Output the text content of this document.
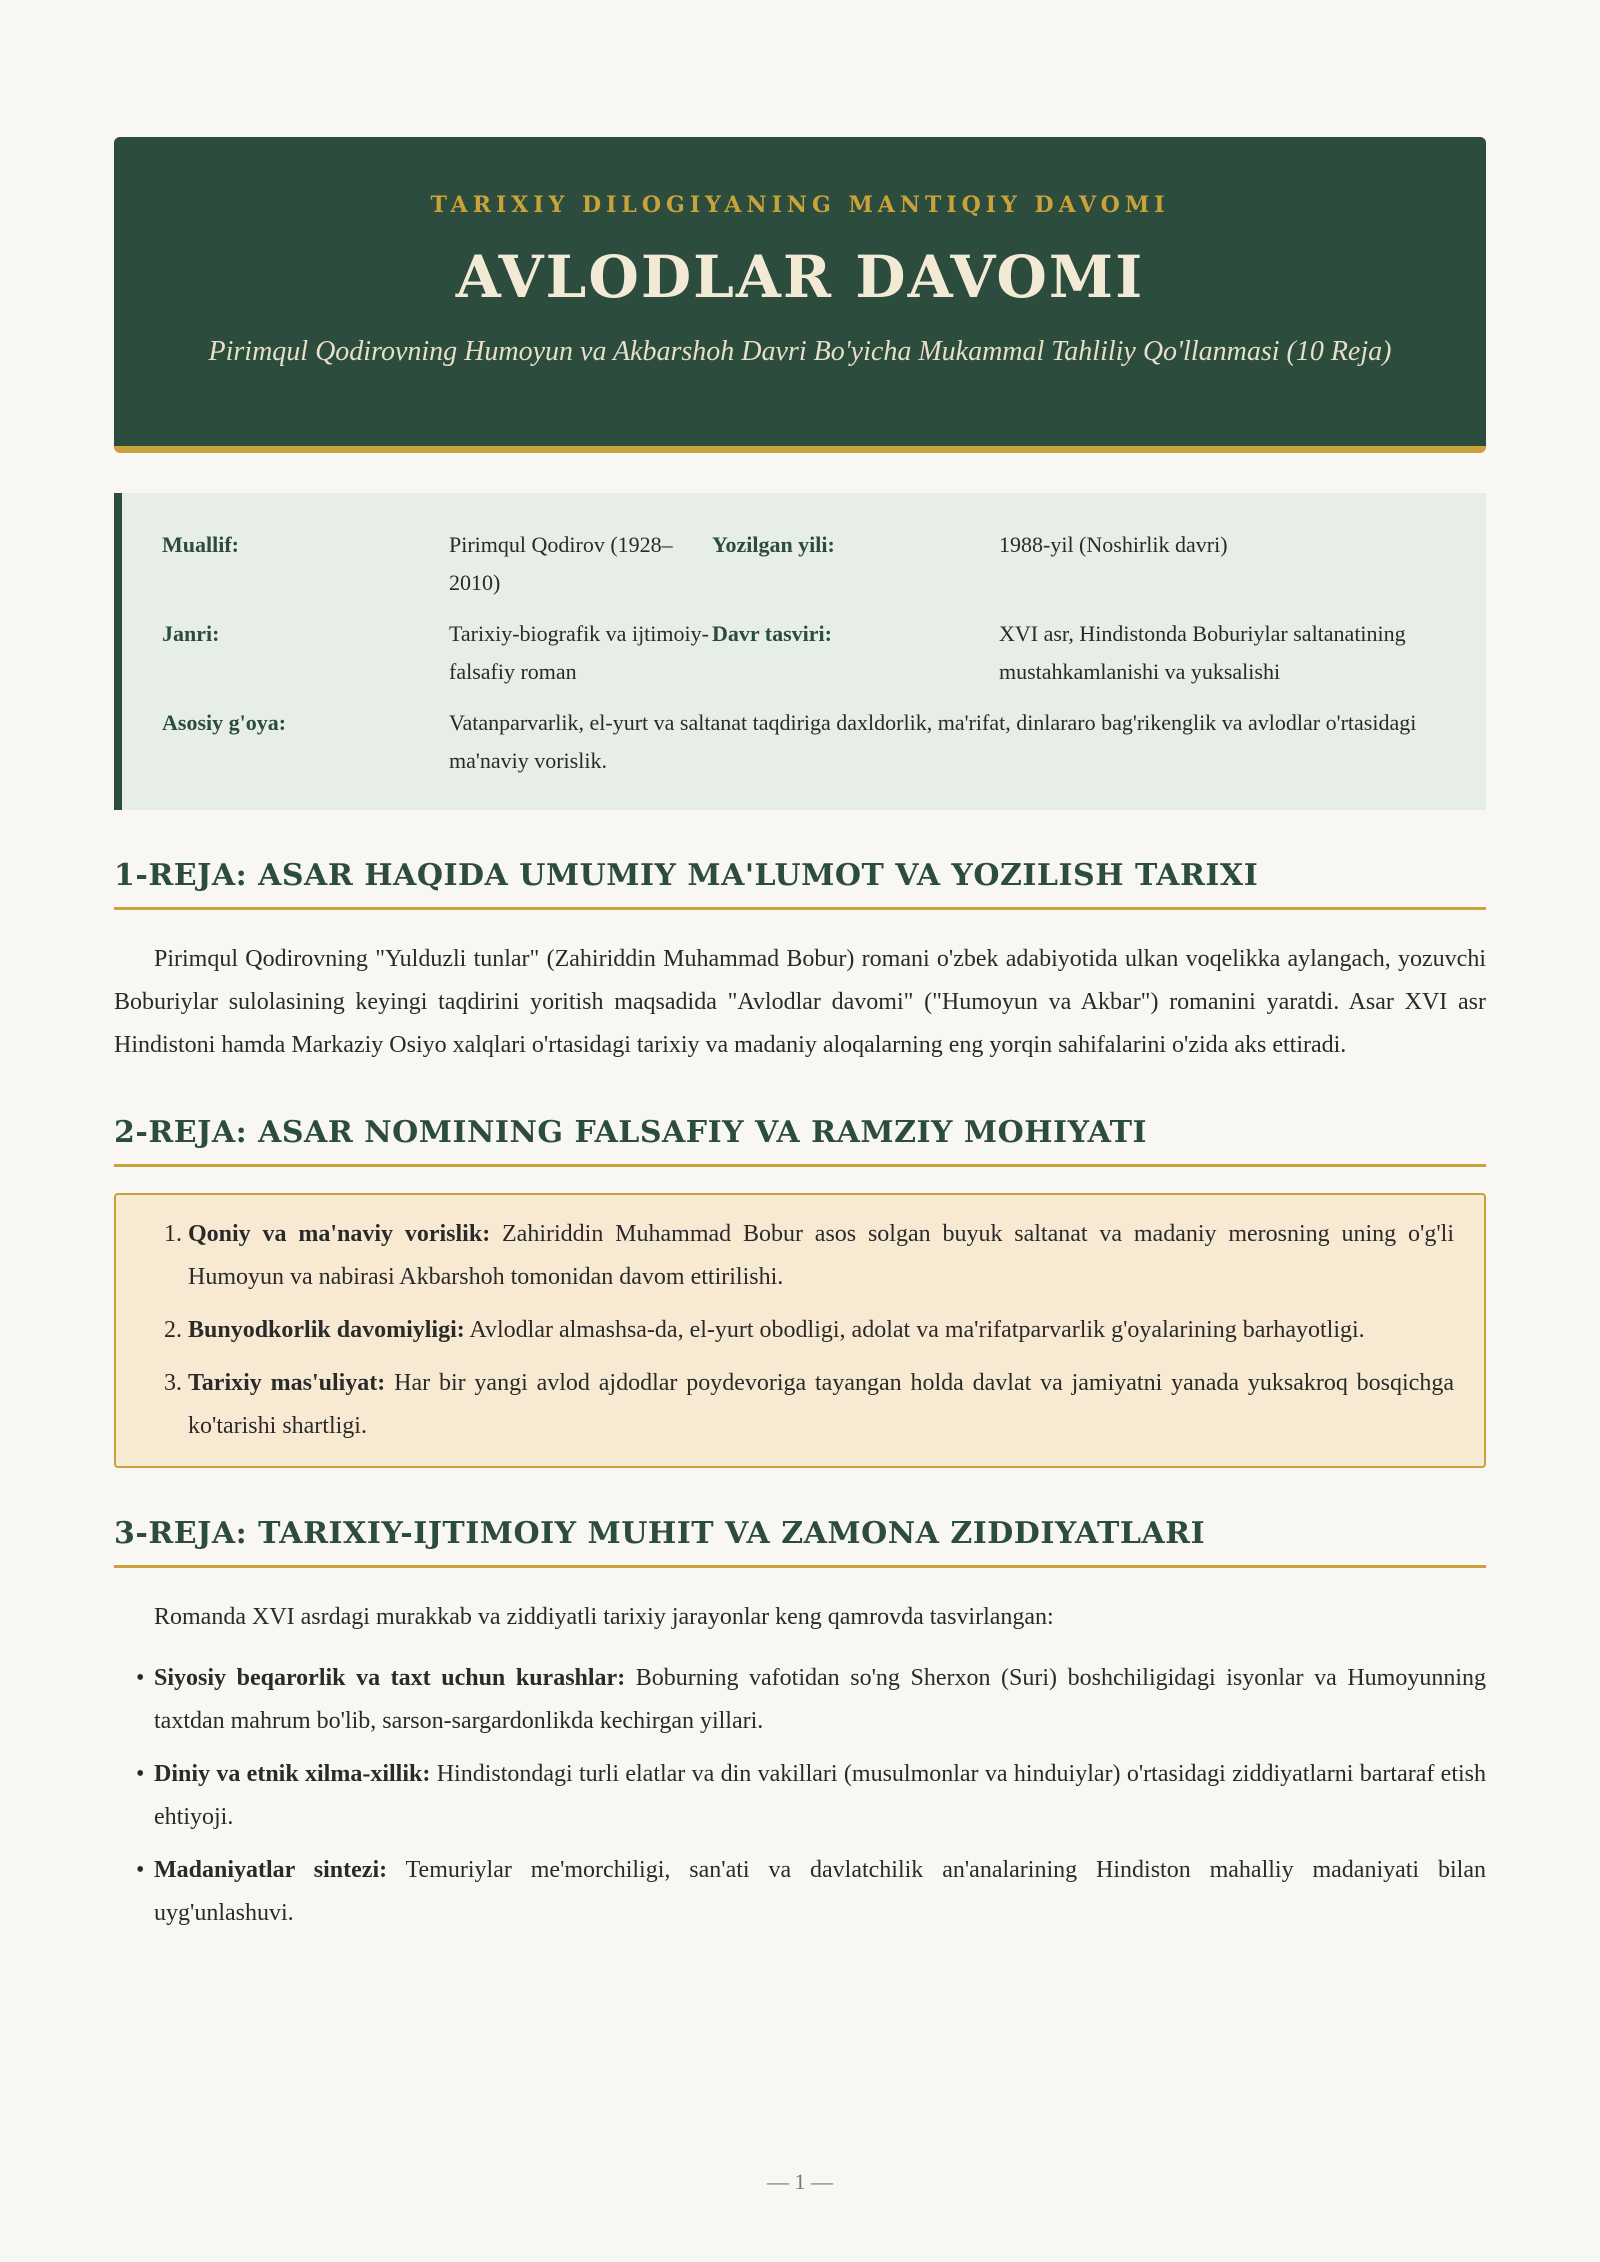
TARIXIY DILOGIYANING MANTIQIY DAVOMI
AVLODLAR DAVOMI
Pirimqul Qodirovning Humoyun va Akbarshoh Davri Bo'yicha Mukammal Tahliliy Qo'llanmasi (10 Reja)
Muallif:	Pirimqul Qodirov (1928–2010)
Yozilgan yili:	1988-yil (Noshirlik davri)
Janri:	Tarixiy-biografik va ijtimoiy-falsafiy roman
Davr tasviri:	XVI asr, Hindistonda Boburiylar saltanatining mustahkamlanishi va yuksalishi
Asosiy g'oya:	Vatanparvarlik, el-yurt va saltanat taqdiriga daxldorlik, ma'rifat, dinlararo bag'rikenglik va avlodlar o'rtasidagi ma'naviy vorislik.
1-REJA: ASAR HAQIDA UMUMIY MA'LUMOT VA YOZILISH TARIXI

Pirimqul Qodirovning "Yulduzli tunlar" (Zahiriddin Muhammad Bobur) romani o'zbek adabiyotida ulkan voqelikka aylangach, yozuvchi Boburiylar sulolasining keyingi taqdirini yoritish maqsadida "Avlodlar davomi" ("Humoyun va Akbar") romanini yaratdi. Asar XVI asr Hindistoni hamda Markaziy Osiyo xalqlari o'rtasidagi tarixiy va madaniy aloqalarning eng yorqin sahifalarini o'zida aks ettiradi.

2-REJA: ASAR NOMINING FALSAFIY VA RAMZIY MOHIYATI
1. Qoniy va ma'naviy vorislik: Zahiriddin Muhammad Bobur asos solgan buyuk saltanat va madaniy merosning uning o'g'li Humoyun va nabirasi Akbarshoh tomonidan davom ettirilishi.
2. Bunyodkorlik davomiyligi: Avlodlar almashsa-da, el-yurt obodligi, adolat va ma'rifatparvarlik g'oyalarining barhayotligi.
3. Tarixiy mas'uliyat: Har bir yangi avlod ajdodlar poydevoriga tayangan holda davlat va jamiyatni yanada yuksakroq bosqichga ko'tarishi shartligi.
3-REJA: TARIXIY-IJTIMOIY MUHIT VA ZAMONA ZIDDIYATLARI

Romanda XVI asrdagi murakkab va ziddiyatli tarixiy jarayonlar keng qamrovda tasvirlangan:

• Siyosiy beqarorlik va taxt uchun kurashlar: Boburning vafotidan so'ng Sherxon (Suri) boshchiligidagi isyonlar va Humoyunning taxtdan mahrum bo'lib, sarson-sargardonlikda kechirgan yillari.
• Diniy va etnik xilma-xillik: Hindistondagi turli elatlar va din vakillari (musulmonlar va hinduiylar) o'rtasidagi ziddiyatlarni bartaraf etish ehtiyoji.
• Madaniyatlar sintezi: Temuriylar me'morchiligi, san'ati va davlatchilik an'analarining Hindiston mahalliy madaniyati bilan uyg'unlashuvi.
— 1 —
